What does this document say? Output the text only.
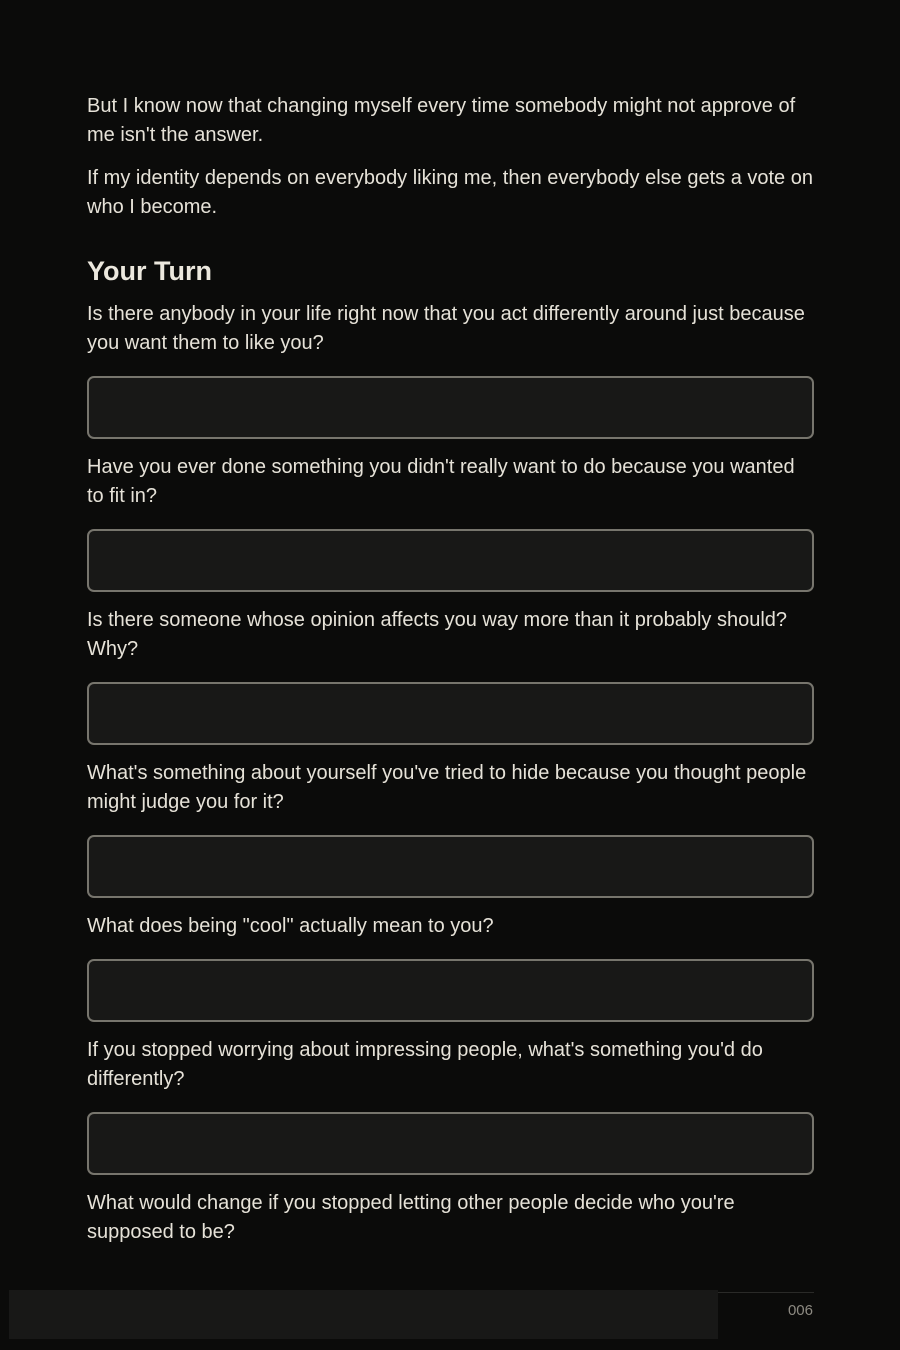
But I know now that changing myself every time somebody might not approve of me isn't the answer.

If my identity depends on everybody liking me, then everybody else gets a vote on who I become.

Your Turn

Is there anybody in your life right now that you act differently around just because you want them to like you?

Have you ever done something you didn't really want to do because you wanted to fit in?

Is there someone whose opinion affects you way more than it probably should? Why?

What's something about yourself you've tried to hide because you thought people might judge you for it?

What does being "cool" actually mean to you?

If you stopped worrying about impressing people, what's something you'd do differently?

What would change if you stopped letting other people decide who you're supposed to be?

006
